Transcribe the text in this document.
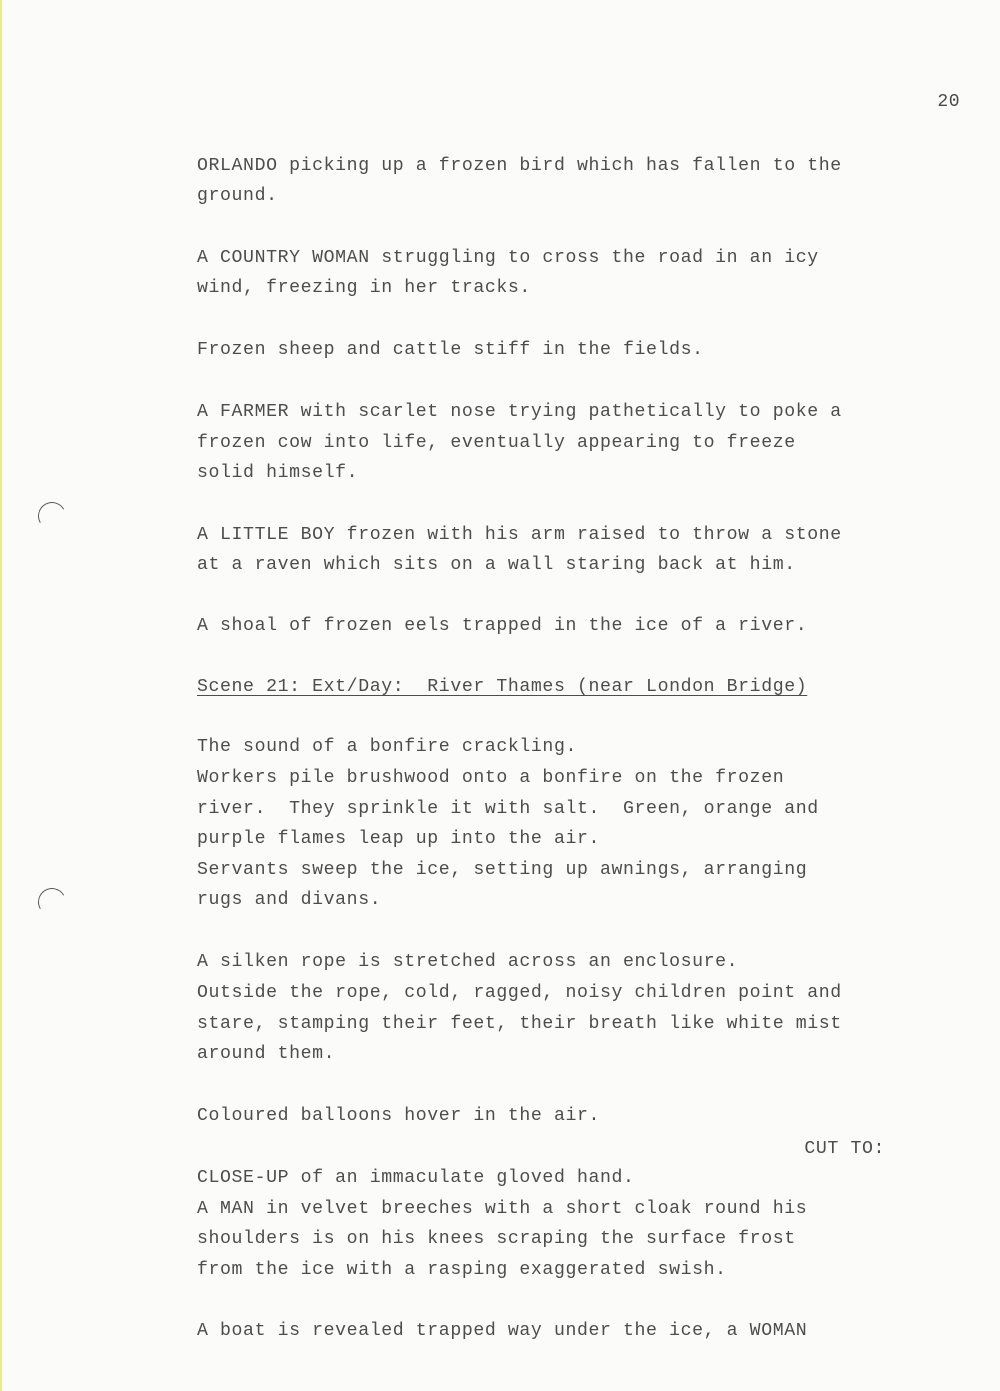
20
ORLANDO picking up a frozen bird which has fallen to the
ground.
A COUNTRY WOMAN struggling to cross the road in an icy
wind, freezing in her tracks.
Frozen sheep and cattle stiff in the fields.
A FARMER with scarlet nose trying pathetically to poke a
frozen cow into life, eventually appearing to freeze
solid himself.
A LITTLE BOY frozen with his arm raised to throw a stone
at a raven which sits on a wall staring back at him.
A shoal of frozen eels trapped in the ice of a river.
Scene 21: Ext/Day:  River Thames (near London Bridge)
The sound of a bonfire crackling.
Workers pile brushwood onto a bonfire on the frozen
river.  They sprinkle it with salt.  Green, orange and
purple flames leap up into the air.
Servants sweep the ice, setting up awnings, arranging
rugs and divans.
A silken rope is stretched across an enclosure.
Outside the rope, cold, ragged, noisy children point and
stare, stamping their feet, their breath like white mist
around them.
Coloured balloons hover in the air.
CUT TO:
CLOSE-UP of an immaculate gloved hand.
A MAN in velvet breeches with a short cloak round his
shoulders is on his knees scraping the surface frost
from the ice with a rasping exaggerated swish.
A boat is revealed trapped way under the ice, a WOMAN
